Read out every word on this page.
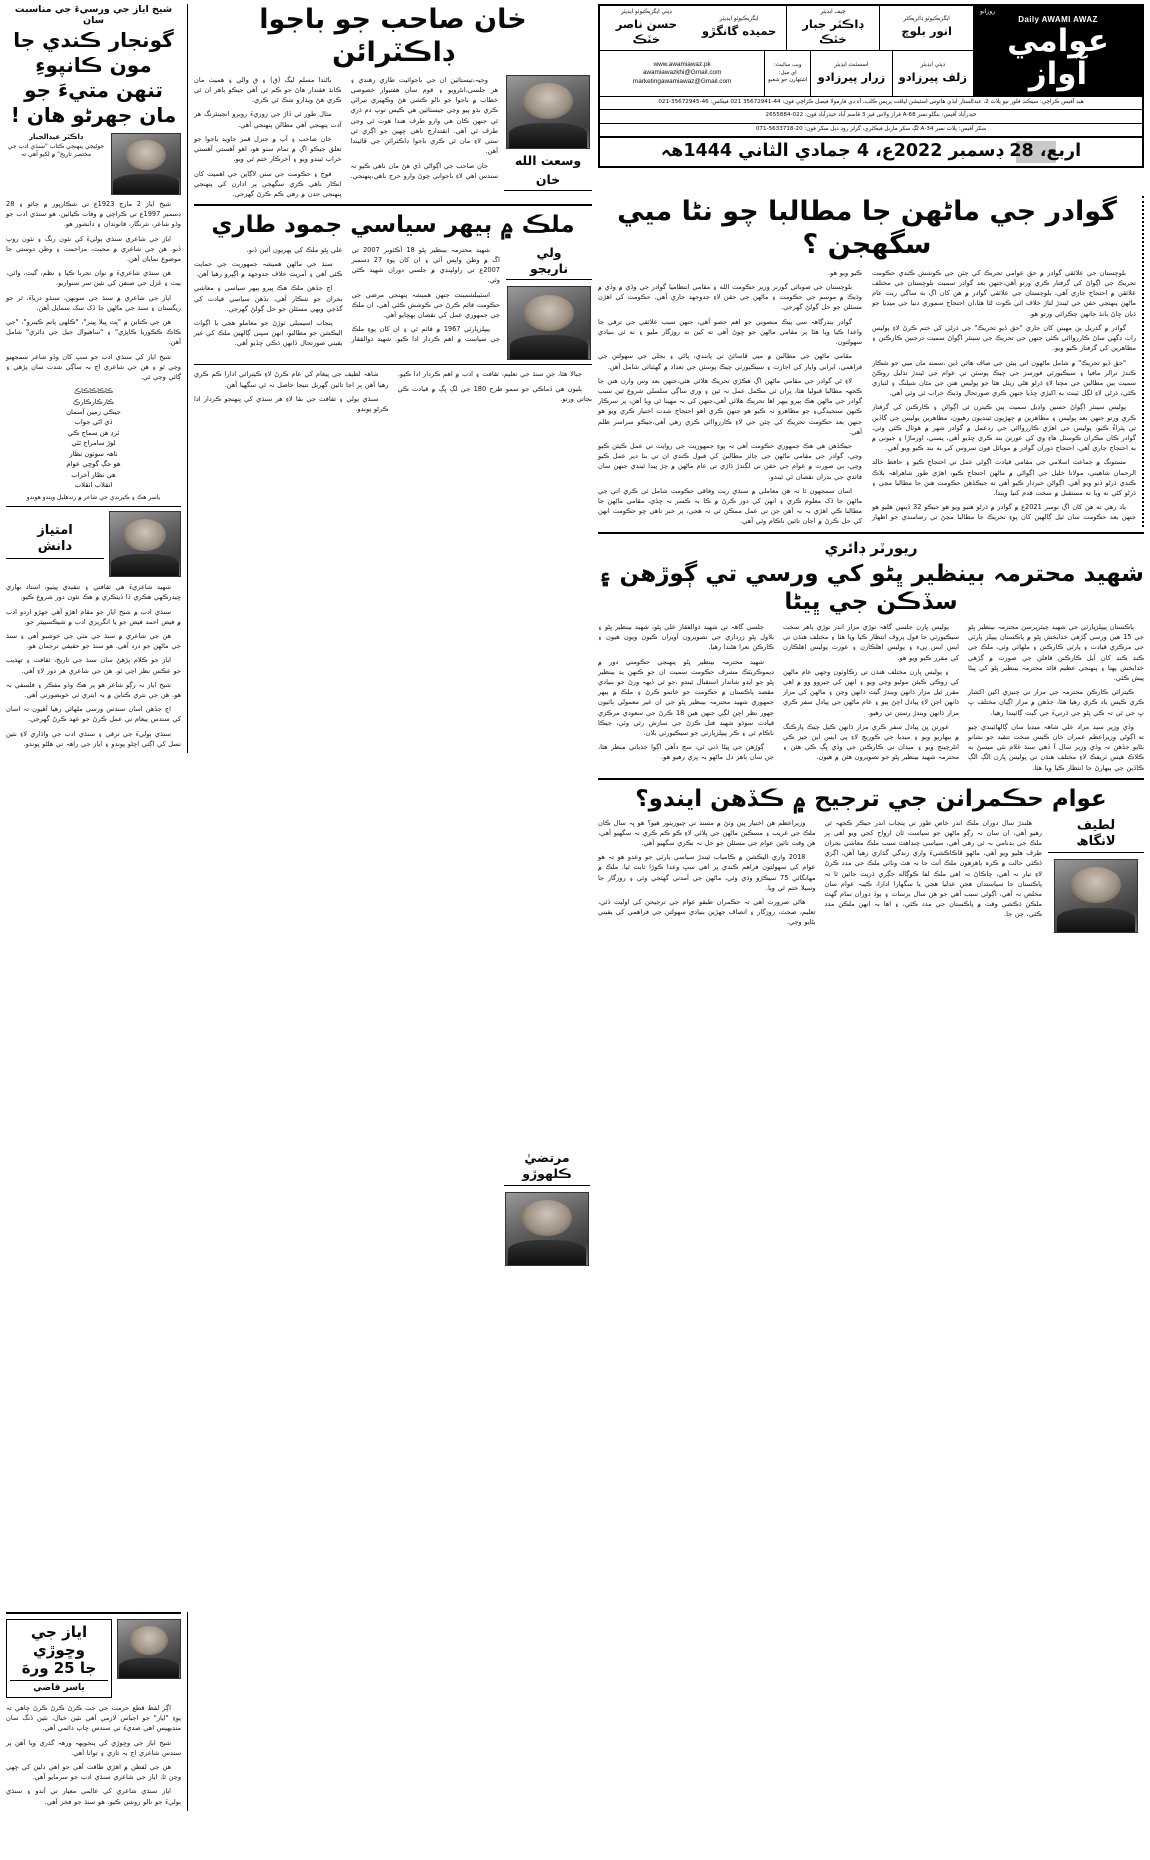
روزانو
Daily AWAMI AWAZ
عوامي آواز
ايگزيڪيوٽو ڊائريڪٽر
انور بلوچ
چيف ايڊيٽر
ڊاڪٽر جبار خٽڪ
ايگزيڪيوٽو ايڊيٽر
حميده گانگڙو
ڊپٽي ايگزيڪيوٽو ايڊيٽر
حسن ناصر خٽڪ
ڊپٽي ايڊيٽر
زلف پيرزادو
اسسٽنٽ ايڊيٽر
زرار پيرزادو
ويب سائيٽ:
اي ميل:
اشتهارن جو شعبو
www.awamiawaz.pk
awamiawazkhi@Gmail.com
marketingawamiawaz@Gmail.com
هيڊ آفيس ڪراچي: سيڪنڊ فلور نيو پلاٽ 2، عبدالستار ايڌي هائوس استيشن لياقت پريس ڪلب، آء ڊي فارمولا فيصل ڪراچي فون: 44-35672941 021 فيڪس: 46-35672945-021
حيدرآباد آفيس: بنگلو نمبر 68-A فراز ولاس فيز 3 قاسم آباد حيدرآباد فون: 022-2655884
سکر آفيس: پلاٽ نمبر 34-A لڳ سکر ماربل فيڪٽري، گرلز روڊ دٻل سکر فون: 20-5633718-071
اربع، 28 ڊسمبر 2022ع، 4 جمادي الثاني 1444هہ
گوادر جي ماڻهن جا مطالبا چو نٹا ميي سگهجن ؟

بلوچستان جي علائقي گوادر ۾ حق عوامي تحريڪ کي چٽن جي ڪوشش ڪندي حڪومت تحريڪ جي اڳواڻ کي گرفتار ڪري ورتو آهي،جنهن بعد گوادر سميت بلوچستان جي مختلف علائقن ۾ احتجاج جاري آهي، بلوچستان جي علائقي گوادر ۾ هن کان اڳ به ساڳي ريت عام ماڻهن پنهنجي حقن جي ٹيندڙ لتاڙ خلاف ائي ڪوٽ لٿا هئا،ان احتجاج سموري دنيا جي ميڊيا جو ڌيان ڇاڻ بانڌ ڄانهن چڪرائي ورتو هو.

گوادر ۾ گذريل ٻن مهينن کان جاري "حق ڏيو تحريڪ" جي ڌرڻي کي ختم ڪرڻ لاءِ پوليس رات ڊگهي ساڻ ڪاررواائي ڪئي جنهن جي تحريڪ جي سينئر اڳواڻ سميت درجنين ڪارڪنن ۽ مظاهرين کي گرفتار ڪيو ويو.

"حق ڏيو تحريڪ" ۾ شامل ماڻهون اتي ٻيئن جي صاف هاٿي ڏين ،سمند مان ميي جو شڪار ڪندڙ ترالر مافيا ۽ سيڪيورٽي فورسز جي چيڪ پوسٽن تي عوام جي ٹيندڙ تذليل روڪڻ سميت ٻين مطالبن جي مچتا لاءِ ڌرڻو هڻي ريٺل هئا جو پوليس هنن جي مٿان شيلنگ ۽ لٺبازي ڪئي، ڌرڻي لاءِ لڳل ٽينٽ به اکيڙي ڇڏيا جنهن ڪري صورتحال وڌيڪ خراب ٿي وئي آهي.

پوليس سينئر اڳواڻ حسين واڍيل سميت ٻين ڪيترن ئي اڳواڻن ۽ ڪارڪنن کي گرفتار ڪري ورتو جنهن بعد پوليس ۽ مظاهرين ۾ جهڙپون ٿينديون رهيون، مظاهرين پوليس جي گاڏين تي پٿراءُ ڪيو، پوليس جي اهڙي ڪاررواائي جي ردعمل ۾ گوادر شهر ۾ هوٽال ڪئي وئي، گوادر ڪان مڪران ڪوسٽل هاءِ وي کي عورتن بند ڪري ڇڏيو آهي، پسني، اورماڙا ۽ جيوني ۾ به احتجاج جاري آهي، احتجاج دوران گوادر ۾ موبائل فون سروس کي به بند ڪيو ويو آهي.

مستونگ ۾ جماعت اسلامي جي مقامي قيادت اڳوڻي عمل تي احتجاج ڪيو ۽ حافظ خالد الرحمان شاهيني، مولانا خليل جي اڳواڻي ۾ ماڻهن احتجاج ڪيو، اهڙي طور شاهراهہ بلاڪ ڪندي ڌرڻو ڏنو ويو آهي. اڳواڻن خبردار ڪيو آهي ته جيڪڏهن حڪومت هنن جا مطالبا مڃي ۽ ڌرڻو کڻي نه ويا ته مستقبل ۾ سخت قدم کنيا ويندا.

ياد رهي ته هن کان اڳ نومبر 2021ع ۾ گوادر ۾ ڌرڻو هنيو ويو هو جيڪو 32 ڏينهن هليو هو جنهن بعد حڪومت سان ٿيل ڳالهين کان پوءِ تحريڪ جا مطالبا مڃڻ تي رضامندي جو اظهار ڪيو ويو هو.

بلوچستان جي صوبائي گورنر وزير حڪومت الله ۽ مقامي انتظاميا گوادر جي وڏي ۾ وڏي ۾ وڌيڪ ۾ موسم جي حڪومت ۽ ماڻهن جي حقن لاءِ جدوجهد جاري آهي. حڪومت کي اهڙن مسئلن جو حل ڳولڻ گهرجي.

گوادر بندرگاهہ سي پيڪ منصوبي جو اهم حصو آهي، جنهن سبب علائقي جي ترقي جا واعدا ڪيا ويا هئا پر مقامي ماڻهن جو چوڻ آهي ته کين نه روزگار مليو ۽ نه ئي بنيادي سهولتون.

مقامي ماڻهن جي مطالبن ۾ ميي ڦاسائڻ تي پابندي، پاڻي ۽ بجلي جي سهولتن جي فراهمي، ايراني واپار کي اجازت ۽ سيڪيورٽي چيڪ پوسٽن جي تعداد ۾ گهٽتائي شامل آهن.

لاءِ ٿي گوادر جي مقامي ماڻهن اڳ هڪڙي تحريڪ هلائي هئي،جنهن بعد وس وارن هنن جا ڪجهہ مطالبا قبوليا هئا، پران ٿي مڪمل عمل نہ ٿين ۽ وري ساڳي سلسلي شروع ٿين سبب گوادر جي ماڻهن هڪ ٻيرو ٻيهر اها تحريڪ هلائي آهي،جنهن کي بہ مهينا ٿي ويا آهن، پر سرڪار ڪنهن سنجيدگي۽ جو مظاهرو نہ ڪيو هو جنهن ڪري اهو احتجاج شدت اختيار ڪري ويو هو جنهن بعد حڪومت تحريڪ کي چٽن جي لاءِ ڪاررواائي ڪري رهي آهي،جيڪو سراسر ظلم آهي.

جيڪڏهن هي هڪ جمهوري حڪومت آهي تہ پوءِ جمهوريت جي روايت تي عمل ڪيئن ڪيو وڃي، گوادر جي مقامي ماڻهن جي جائز مطالبن کي قبول ڪندي ان تي بنا دير عمل ڪيو وڃي، ٻي صورت ۾ عوام جي حقن تي لڳندڙ ڌاڙي تي عام ماڻهن ۾ چڙ پيدا ٿيندي جنهن سان فائدي جي بدران نقصان ٿي ٿيندو.

اسان سمجهون ٿا تہ هن معاملي ۾ سنڌي ريت وفاقي حڪومت شامل ٿي ڪري اتي جي ماڻهن جا ڏک معلوم ڪري ۽ انهن کي دور ڪرڻ ۾ ڪا بہ ڪسر نہ ڇڏي، مقامي ماڻهن جا مطالبا ڪي اهڙي بہ نہ آهن جن تي عمل ممڪن ٿي نہ هجي، پر خبر ناهي چو حڪومت انهن کي حل ڪرڻ ۾ اجان تائين ناڪام وئي آهي.

ريورٽر ڊائري
شهيد محترمہ بينظير ڀٹو کي ورسي تي ڳوڙهن ۽ سڏڪن جي ڀيٹا

پاڪستان پيپلزپارٽي جي شهيد چيئرپرسن محترمہ بينظير ڀٹو جي 15 هين ورسي ڳڙهي خدابخش ڀٹو ۾ پاڪستان پيپلز پارٽي جي مرڪزي قيادت ۽ پارٽي ڪارڪنن ۽ ملهائي وئي، ملڪ جي ڪنڊ ڪنڊ کان آيل ڪارڪنن قافلن جي صورت ۾ ڳڙهي خدابخش پهتا ۽ پنهنجي عظيم قائد محترمہ بينظير ڀٹو کي ڀيٹا پيش ڪئي.

ڪيترائي ڪارڪن محترمہ جي مزار تي چنيزي اکين اکشار ڪري ڪيس ياد ڪري رهيا هئا، جڏهن ۾ مزار اڳيان مختلف ڀ ڀ جي ٿي تہ ڪي ڀٹو جي ڌرتيءَ جي گيت ڳائيندا رهيا.

وڏي وزير سيد مراد علي شاهہ ميڊيا سان ڳالهائيندي چيو ته اڳوڻي وزيراعظم عمران خان ڪيس سخت تنقيد جو نشانو بڻايو جڏهن تہ وڏي وزير سال آ ڏهي سنڌ غلام نٿي ميسڻ به ڪلاڪ هيس ٽريفڪ لاءِ مختلف هنڌن تي پوليس ڀارن الڳ الڳ ڪاڏين جي بيهارڻ جا انتظار ڪيا ويا هئا.

پوليس ڀارن جلسي گاهہ توڙي مزار اندر توڙي ٻاهر سخت سيڪيورٽي جا قول پروف انتظار ڪيا ويا هئا ۽ مختلف هنڌن تي ايس ايس پيء ۽ پوليس اهلڪارن ۽ عورت پوليس اهلڪارن کي مقرر ڪيو ويو هو.

۽ پوليس ڀارن مختلف هنڌن تي رڪاوٽون وجهي عام ماڻهن کي روڪي ڪيئن موٹيو وڃي ويو ۽ انهن کي جيروو وو ۾ اهي مقرر ٿيل مزار ڌانهن ويندڙ گيٽ ڌانهن وڃن ۽ ماڻهن کي مزار ڌانهن اجن لاءِ پيادل اچڻ ٻيو ۽ عام ماڻهن جي پيادل سفر ڪري مزار ڌانهن ويندڙ رستن تي رهيو.

عورتن ڀن پيادل سفر ڪري مزار ڌانهن ڪيل چيڪ پارڪنگ ۾ بيهاريو ويو ۽ ميڊيا جي ڪوريج لاءِ ڀي ايس اين جيز ڪي انٹرچينج ويو ۽ ميدان تي ڪارڪنن جي وڏي ڀڳ ڪي هئن ۽ محترمہ شهيد بينظير ڀٹو جو تصويرون هٿن ۾ هيون.

جلسي گاهہ تي شهيد ذوالفقار علي ڀٹو، شهيد بينظير ڀٹو ۽ بلاول ڀٹو زرداري جي تصويرون آويزان ڪيون ويون هيون ۽ ڪارڪن نعرا هڻندا رهيا.

شهيد محترمہ بينظير ڀٹو پنهنجي حڪومتي دور ۾ ڊيموڪريٽڪ مشرف حڪومت سميت ان جو ڪنهن يد بينظير ڀٹو جو ايڊو شاندار استقبال ٿيندو ،جو ٿي ڏيهہ ورڻ جو بنيادي مقصد پاڪستان ۾ حڪومت جو خاتمو ڪرڻ ۽ ملڪ ۾ ٻيهر جمهوري شهيد محترمہ بينظير ڀٹو جي ان غير معمولي ٻاٽيون جهور نظر اچن لڳي جنهن هين 18 ڪرڻ جي سعودي مرڪزي قيادت سوڌو شهيد قتل ڪرڻ جي سازش رٿي وئي، جيڪا ناڪام ٿي ۽ ڪر پيپلزپارٽي جو سيڪيورٽي بلان.

ڳوڙهن جي ڀيٹا ڏني ٿي، سج دآهي اڳوا جذباتي منظر هئا، جن سان ٻاهر دل ماڻهو بہ ڀري رهيو هو.

عوام حڪمرانن جي ترجيح ۾ ڪڏهن ايندو؟
لطيف
لانگاھ

هلندڙ سال دوران ملڪ اندر خاص طور تي پنجاب اندر جيڪر ڪجهہ ٿي رهيو آهي، ان سان نہ رڳو ماڻهن جو سياست ٿان ارواح کجي ويو آهي پر ملڪ جي بدنامي بہ ٿي رهي آهي، سياسي چنڊاهٽ سبب ملڪ معاشي بحران طرف هليو ويو آهي، ماڻهو ڦاڪاڪشيءَ واري زندگي گذاري رهيا آهن، اڳري ڏڪئي حالت ۾ ڪرہ ٻاهرهون ملڪ آتت جا بہ هٿ وٺائي ملڪ جي مدد ڪرڻ لاءِ تيار نہ آهي، چاڪاڻ تہ اهي ملڪ لفا ڪوڳاله جڳري ڌريت جائين ٿا تہ پاڪستان جا سياستدان هجن عدليا هجي يا سگهارا ادارا، ڪيبہ عوام سان مخلص نہ آهي، اڳوڻي سبب آهي جو هن سال برسات ۽ ٻوڏ دوران تمام گهٽ ملڪن ڌڪشي وقت ۾ پاڪستان جي مدد ڪئي، ۽ اها بہ انهن ملڪن مدد ڪئي، جن جا.

وزيراعظم هن اختيار ڀين وٺڻ ۾ مسند تي چيوريٺور هيو؟ هو ڀہ سال ڪان ملڪ جي غريب ۽ مسڪين ماڻهن جي ڀلائي لاءِ ڪو ڪم ڪري نہ سگهيو آهي، هن وقت تائين عوام جي مسئلن جو حل نہ نڪري سگهيو آهي.

2018 واري اليڪشن ۾ ڪامياب ٿيندڙ سياسي پارٽي جو وعدو هو تہ هو عوام کي سهولتون فراهم ڪندي پر اهي سڀ وعدا ڪوڙا ثابت ٿيا. ملڪ ۾ مهانگائي 75 سيڪڙو وڌي وئي، ماڻهن جي آمدني گهٽجي وئي ۽ روزگار جا وسيلا ختم ٿي ويا.

هاڻي ضرورت آهي تہ حڪمران طبقو عوام جي ترجيحن کي اوليت ڏئي، تعليم، صحت، روزگار ۽ انصاف جهڙين بنيادي سهولتن جي فراهمي کي يقيني بڻايو وڃي.

خان صاحب جو باجوا ڊاڪٽرائن
وسعت الله
خان

وحيہ،تيستائين ان جي باجواٽيت طاري رهندي ۽ هر جلسي،انٹرويو ۽ قوم سان هفتيوار خصوصي خطاب ۾ باجوا جو نالو ڪشي هڻ وڪهيري تيرائي ڪري بڌو پيو وڃي جيستائين هي ڪيس توپ دم ڌري ٿي جنهن ڪان هي وارو طرف هندا هوت ٿي وڃي طرف ٿي آهي. انقتدارڄ ناهي ڇهين جو اڳري ٿي ستي لاءِ مان ٿي ڪري باجوا ڊاڪٽرائن جي ڦاٿيندا آهن.

خان صاحب جي اڳواڻي ڏي هڻ مان ناهي ڪيو نہ سندس اهي لاءِ باجواني چوڻ وارو حرج ناهي،پنهنجي.

باڻندا مسلم ليگ (ق) ۽ ق والي ۽ هميٺ مان ڪانڌ فقتدار هاڻ جو ڪم ٿي آهي جيڪو ٻاهر ان ٿي ڪري هڻ ويڌارو شڪ ٿي ڪري.

مثال طور ئي ڏاڙ جي زوريءَ روبرو انجينئرنگ هر آدت پنهنجي آهي مطالن پنهنجي آهي.

خان صاحب ۽ آپ ۾ جنرل قمر جاويد باجوا جو تعلق جيڪو اڳ ۾ تمام سٺو هو، اهو آهستي آهستي خراب ٿيندو ويو ۽ آخرڪار ختم ٿي ويو.

فوج ۽ حڪومت جي سٺن لاڳاپن جي اهميت کان انڪار ناهي ڪري سگهجي پر ادارن کي پنهنجي پنهنجي حدن ۾ رهي ڪم ڪرڻ گهرجي.

ملڪ ۾ ٻيهر سياسي جمود طاري
ولي
ناريجو

شهيد محترمہ بينظير ڀٹو 18 آڪٽوبر 2007 تي اڱ ۾ وطن واپس آئي ۽ ان کان پوءِ 27 ڊسمبر 2007ع تي راولپنڊي ۾ جلسي دوران شهيد ڪئي وئي.

اسٽيبلشمينٽ جنهن هميشہ پنهنجي مرضي جي حڪومت قائم ڪرڻ جي ڪوشش ڪئي آهي، ان ملڪ جي جمهوري عمل کي نقصان پهچايو آهي.

پيپلزپارٽي 1967 ۾ قائم ٿي ۽ ان کان پوءِ ملڪ جي سياست ۾ اهم ڪردار ادا ڪيو. شهيد ذوالفقار علي ڀٹو ملڪ کي پهريون آئين ڏنو.

سنڌ جي ماڻهن هميشہ جمهوريت جي حمايت ڪئي آهي ۽ آمريت خلاف جدوجهد ۾ اڳڀرو رهيا آهن.

اڄ جڏهن ملڪ هڪ ڀيرو ٻيهر سياسي ۽ معاشي بحران جو شڪار آهي، تڏهن سياسي قيادت کي گڏجي ويهي مسئلن جو حل ڳولڻ گهرجي.

پنجاب اسيمبلي ٽوڙڻ جو معاملو هجي يا اڳواٽ اليڪشن جو مطالبو، انهن سڀني ڳالهين ملڪ کي غير يقيني صورتحال ڏانهن ڌڪي ڇڏيو آهي.

جبالا هٿا، جن سنڌ جي تعليم، ثقافت ۽ ادب ۾ اهم ڪردار ادا ڪيو.

ٻليون هي ڏماڪي جو سمو طرح 180 جي لڳ ڀڳ ۾ قيادت ڪي بجاتي ورتو.

شاهہ لطيف جي پيغام کي عام ڪرڻ لاءِ ڪيترائي ادارا ڪم ڪري رهيا آهن پر اڃا تائين گهربل نتيجا حاصل نہ ٿي سگهيا آهن.

سنڌي ٻولي ۽ ثقافت جي بقا لاءِ هر سنڌي کي پنهنجو ڪردار ادا ڪرڻو پوندو.

مرتضيٰ
ڪلهوڙو
شيخ اياز جي ورسيءَ جي مناسبت سان
گونجار ڪندي جا مون ڪانپوءِ
تنهن متيءَ جو مان جهرٹو هان !
ڊاڪٽر عبدالجبار
جوٹيجي پنهنجي ڪتاب "سنڌي ادب جي مختصر تاريخ" ۾ لکيو آهي تہ

شيخ اياز 2 مارچ 1923ع تي شڪارپور ۾ ڄائو ۽ 28 ڊسمبر 1997ع تي ڪراچي ۾ وفات ڪيائين. هو سنڌي ادب جو وڏو شاعر، نثرنگار، قانوندان ۽ دانشور هو.

اياز جي شاعري سنڌي ٻوليءَ کي نئون رنگ ۽ نئون روپ ڏنو. هن جي شاعري ۾ محبت، مزاحمت ۽ وطن دوستي جا موضوع نمايان آهن.

هن سنڌي شاعريءَ ۾ نوان تجربا ڪيا ۽ نظم، گيت، وائي، بيت ۽ غزل جي صنفن کي نئين سر سنواريو.

اياز جي شاعري ۾ سنڌ جي سونهن، سنڌو درياءَ، ٿر جو ريگستان ۽ سنڌ جي ماڻهن جا ڏک سک سمايل آهن.

هن جي ڪتابن ۾ "ڀٽ ڀيلا ڀينر"، "ڪلهي پاتم ڪينرو"، "جي ڪاڪ ڪڪوريا ڪاپڙي" ۽ "ساهيوال جيل جي ڊائري" شامل آهن.

شيخ اياز کي سنڌي ادب جو سڀ کان وڏو شاعر سمجهيو وڃي ٿو ۽ هن جي شاعري اڄ بہ ساڳي شدت سان پڙهي ۽ ڳائي وڃي ٿي.

ڪاڪاڪاڪاڪ
ڪارڪارڪارڪ
جيڪي زمين آسمان
ڏي اٿي جواب
ٺرڍ هن سماج ڪي
لوڙ سامراج ٿئي
ناهہ سوٺون نظار
هو جڳ گوڇي عوام
هي نظار آخراب
انقلاب انقلاب
ياسر هڪ ۽ ڪيرنڊي جي شاعر ۾ رندهليل ويندو هوندو
امتياز
دانش

شهيد شاعريءَ هي ثقافتي ۽ تنقيدي ڀيٺيو، استاد بهاري ڇيدرڪهي هڪري ڏا ڏيٺڪري ۾ هڪ نئون دور شروع ڪيو.

سنڌي ادب ۾ شيخ اياز جو مقام اهڙو آهي جهڙو اردو ادب ۾ فيض احمد فيض جو يا انگريزي ادب ۾ شيڪسپيئر جو.

هن جي شاعري ۾ سنڌ جي مٽي جي خوشبو آهي ۽ سنڌ جي ماڻهن جو درد آهي. هو سنڌ جو حقيقي ترجمان هو.

اياز جو ڪلام پڙهڻ سان سنڌ جي تاريخ، ثقافت ۽ تهذيب جو عڪس نظر اچي ٿو. هن جي شاعري هر دور لاءِ آهي.

شيخ اياز نہ رڳو شاعر هو پر هڪ وڏو مفڪر ۽ فلسفي بہ هو. هن جي نثري ڪتابن ۾ بہ ايتري ئي خوبصورتي آهي.

اڄ جڏهن اسان سندس ورسي ملهائي رهيا آهيون تہ اسان کي سندس پيغام تي عمل ڪرڻ جو عهد ڪرڻ گهرجي.

سنڌي ٻوليءَ جي ترقي ۽ سنڌي ادب جي واڌاري لاءِ نئين نسل کي اڳتي اچڻو پوندو ۽ اياز جي راهہ تي هلڻو پوندو.

اياز جي وڇوڙي
جا 25 ورهَ
ياسر قاضي

اڳر لفظ قطع حرمت جي جٺ ڪرڻ ڪرڻ ڪرڻ چاهي تہ پوءِ "اياز" جو اڄياس لازمي آهي نئين خيال، نئين ڏنگ سان منڊيهيس اهي صديءَ تي سندس چاپ دائمي آهي.

شيخ اياز جي وڇوڙي کي پنجويهہ ورهہ گذري ويا آهن پر سندس شاعري اڄ بہ تازي ۽ توانا آهي.

هن جي لفظن ۾ اهڙي طاقت آهي جو اهي دلين کي ڇهي وڃن ٿا. اياز جي شاعري سنڌي ادب جو سرمايو آهي.

اياز سنڌي شاعري کي عالمي معيار تي آندو ۽ سنڌي ٻوليءَ جو نالو روشن ڪيو. هو سنڌ جو فخر آهي.
